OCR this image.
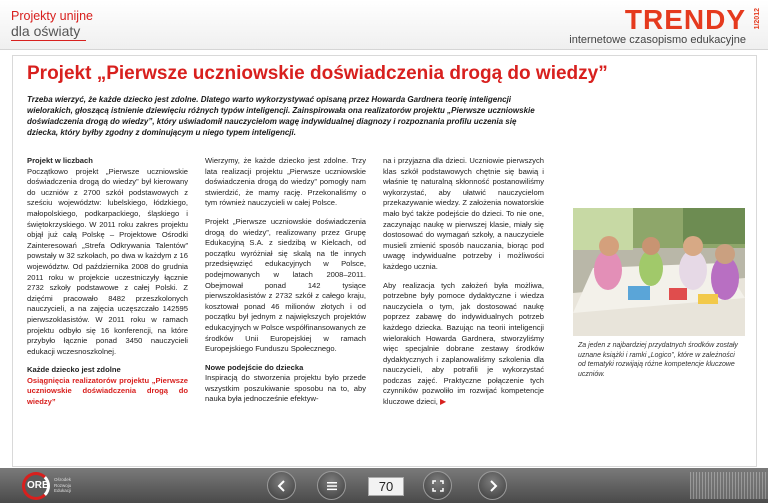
Projekty unijne
dla oświaty	TRENDY
internetowe czasopismo edukacyjne
1/2012
Projekt „Pierwsze uczniowskie doświadczenia drogą do wiedzy”
Trzeba wierzyć, że każde dziecko jest zdolne. Dlatego warto wykorzystywać opisaną przez Howarda Gardnera teorię inteligencji wielorakich, głoszącą istnienie dziewięciu różnych typów inteligencji. Zainspirowała ona realizatorów projektu „Pierwsze uczniowskie doświadczenia drogą do wiedzy”, który uświadomił nauczycielom wagę indywidualnej diagnozy i rozpoznania profilu uczenia się dziecka, który byłby zgodny z dominującym u niego typem inteligencji.

Projekt w liczbach
Początkowo projekt „Pierwsze uczniowskie doświadczenia drogą do wiedzy” był kierowany do uczniów z 2700 szkół podstawowych z sześciu województw: lubelskiego, łódzkiego, małopolskiego, podkarpackiego, śląskiego i świętokrzyskiego. W 2011 roku zakres projektu objął już całą Polskę – Projektowe Ośrodki Zainteresowań „Strefa Odkrywania Talentów” powstały w 32 szkołach, po dwa w każdym z 16 województw. Od października 2008 do grudnia 2011 roku w projekcie uczestniczyły łącznie 2732 szkoły podstawowe z całej Polski. Z dzięćmi pracowało 8482 przeszkolonych nauczycieli, a na zajęcia uczęszczało 142595 pierwszoklasistów. W 2011 roku w ramach projektu odbyło się 16 konferencji, na które przybyło łącznie ponad 3450 nauczycieli edukacji wczesnoszkolnej.

Każde dziecko jest zdolne
Osiągnięcia realizatorów projektu „Pierwsze uczniowskie doświadczenia drogą do wiedzy”

Wierzymy, że każde dziecko jest zdolne. Trzy lata realizacji projektu „Pierwsze uczniowskie doświadczenia drogą do wiedzy” pomogły nam stwierdzić, że mamy rację. Przekonaliśmy o tym również nauczycieli w całej Polsce.

Projekt „Pierwsze uczniowskie doświadczenia drogą do wiedzy”, realizowany przez Grupę Edukacyjną S.A. z siedzibą w Kielcach, od początku wyróżniał się skalą na tle innych przedsięwzięć edukacyjnych w Polsce, podejmowanych w latach 2008–2011. Obejmował ponad 142 tysiące pierwszoklasistów z 2732 szkół z całego kraju, kosztował ponad 46 milionów złotych i od początku był jednym z największych projektów edukacyjnych w Polsce współfinansowanych ze środków Unii Europejskiej w ramach Europejskiego Funduszu Społecznego.

Nowe podejście do dziecka
Inspiracją do stworzenia projektu było przede wszystkim poszukiwanie sposobu na to, aby nauka była jednocześnie efektyw-

na i przyjazna dla dzieci. Uczniowie pierwszych klas szkół podstawowych chętnie się bawią i właśnie tę naturalną skłonność postanowiliśmy wykorzystać, aby ułatwić nauczycielom przekazywanie wiedzy. Z założenia nowatorskie mało być także podejście do dzieci. To nie one, zaczynając naukę w pierwszej klasie, miały się dostosować do wymagań szkoły, a nauczyciele musieli zmienić sposób nauczania, biorąc pod uwagę indywidualne potrzeby i możliwości każdego ucznia.

Aby realizacja tych założeń była możliwa, potrzebne były pomoce dydaktyczne i wiedza nauczyciela o tym, jak dostosować naukę poprzez zabawę do indywidualnych potrzeb każdego dziecka. Bazując na teorii inteligencji wielorakich Howarda Gardnera, stworzyliśmy więc specjalnie dobrane zestawy środków dydaktycznych i zaplanowaliśmy szkolenia dla nauczycieli, aby potrafili je wykorzystać podczas zajęć. Praktyczne połączenie tych czynników pozwoliło im rozwijać kompetencje kluczowe dzieci, ▶

Za jeden z najbardziej przydatnych środków zostały uznane książki i ramki „Logico”, które w zależności od tematyki rozwijają różne kompetencje kluczowe uczniów.
ORE
Ośrodek Rozwoju Edukacji	70
